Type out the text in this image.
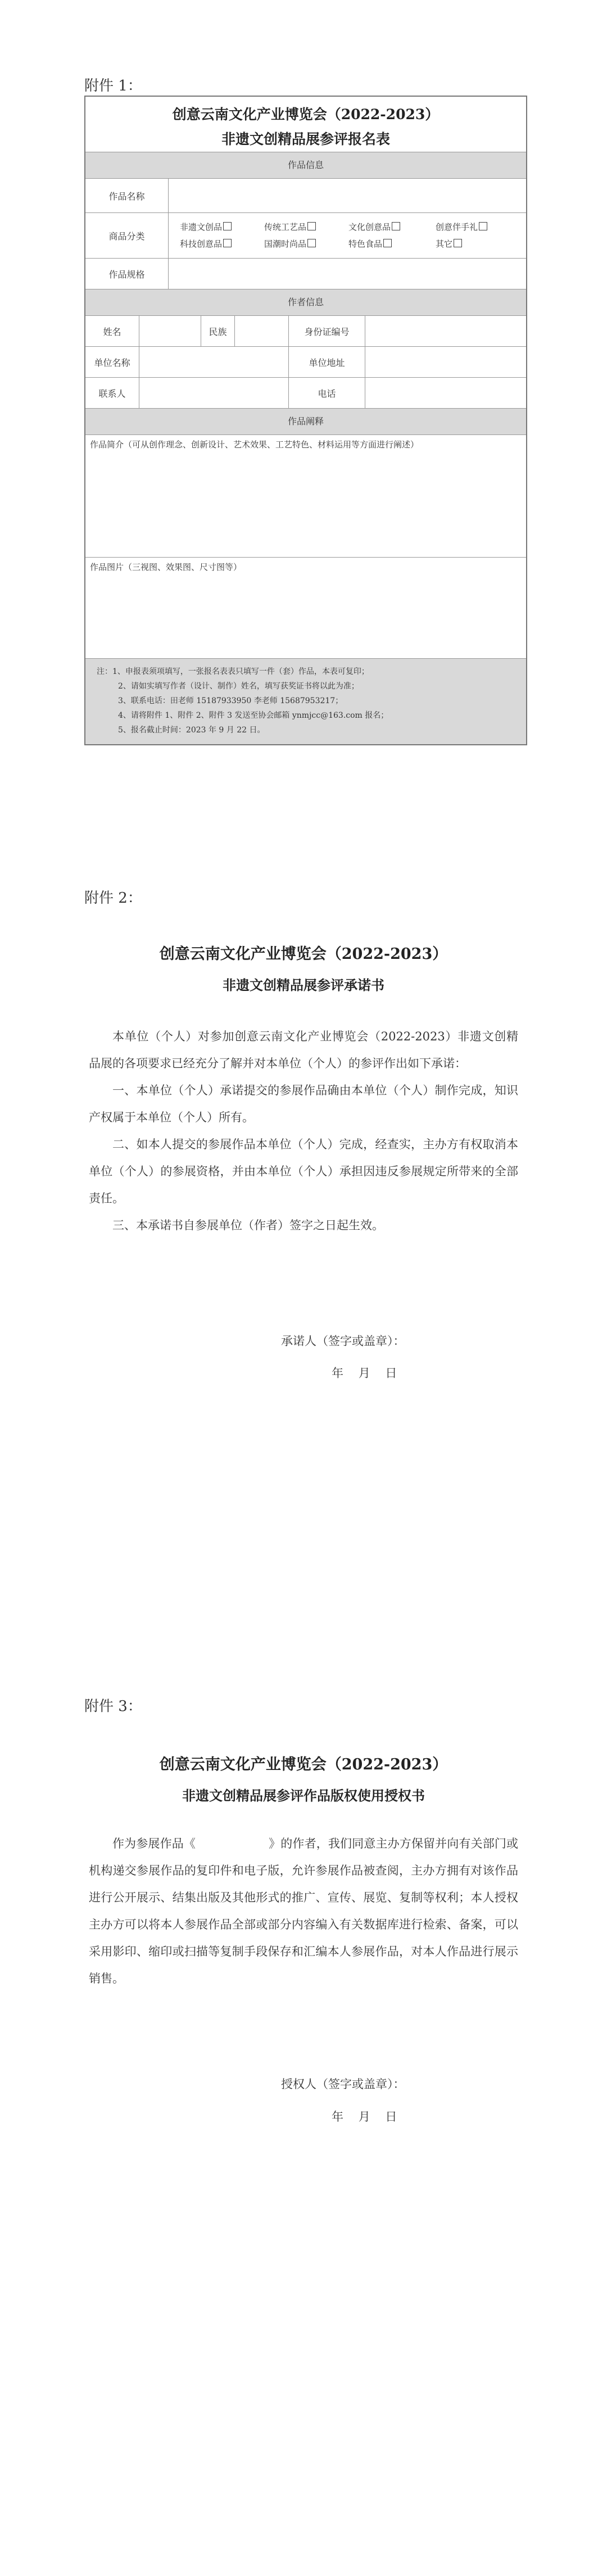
附件 1：
创意云南文化产业博览会（2022-2023）
非遗文创精品展参评报名表
作品信息
作品名称
商品分类
非遗文创品	传统工艺品	文化创意品	创意伴手礼
科技创意品	国潮时尚品	特色食品	其它
作品规格
作者信息
姓名	民族	身份证编号
单位名称	单位地址
联系人	电话
作品阐释
作品简介（可从创作理念、创新设计、艺术效果、工艺特色、材料运用等方面进行阐述）
作品图片（三视图、效果图、尺寸图等）
注：1、申报表须项填写，一张报名表表只填写一件（套）作品，本表可复印；
2、请如实填写作者（设计、制作）姓名，填写获奖证书将以此为准；
3、联系电话：田老师 15187933950 李老师 15687953217；
4、请将附件 1、附件 2、附件 3 发送至协会邮箱 ynmjcc@163.com 报名；
5、报名截止时间：2023 年 9 月 22 日。
附件 2：
创意云南文化产业博览会（2022-2023）
非遗文创精品展参评承诺书

本单位（个人）对参加创意云南文化产业博览会（2022-2023）非遗文创精品展的各项要求已经充分了解并对本单位（个人）的参评作出如下承诺：

一、本单位（个人）承诺提交的参展作品确由本单位（个人）制作完成，知识产权属于本单位（个人）所有。

二、如本人提交的参展作品本单位（个人）完成，经查实，主办方有权取消本单位（个人）的参展资格，并由本单位（个人）承担因违反参展规定所带来的全部责任。

三、本承诺书自参展单位（作者）签字之日起生效。

承诺人（签字或盖章）：
年    月    日
附件 3：
创意云南文化产业博览会（2022-2023）
非遗文创精品展参评作品版权使用授权书

作为参展作品《	》的作者，我们同意主办方保留并向有关部门或机构递交参展作品的复印件和电子版，允许参展作品被查阅，主办方拥有对该作品进行公开展示、结集出版及其他形式的推广、宣传、展览、复制等权利；本人授权主办方可以将本人参展作品全部或部分内容编入有关数据库进行检索、备案，可以采用影印、缩印或扫描等复制手段保存和汇编本人参展作品，对本人作品进行展示销售。

授权人（签字或盖章）：
年    月    日
